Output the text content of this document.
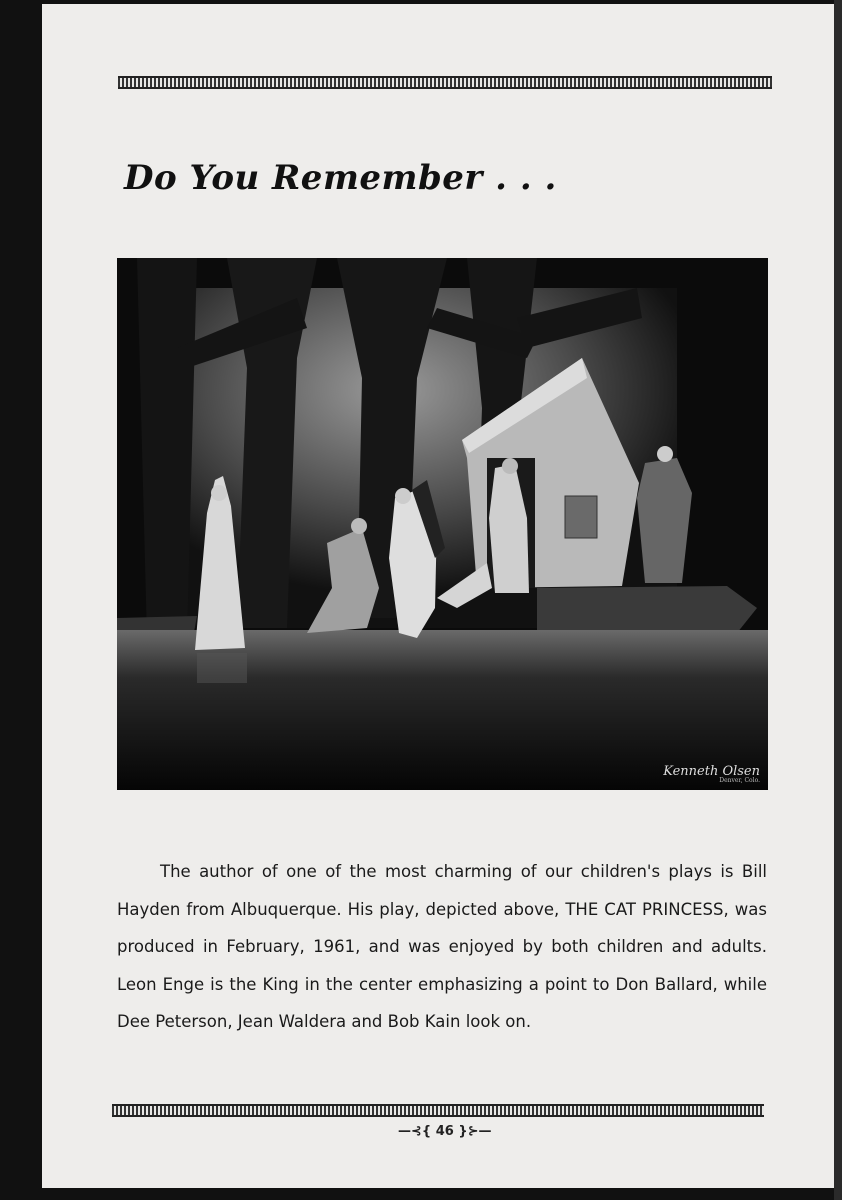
Do You Remember . . .
Kenneth Olsen
Denver, Colo.

The author of one of the most charming of our children's plays is Bill Hayden from Albuquerque. His play, depicted above, THE CAT PRINCESS, was produced in February, 1961, and was enjoyed by both children and adults. Leon Enge is the King in the center emphasizing a point to Don Ballard, while Dee Peterson, Jean Waldera and Bob Kain look on.

—⊰{ 46 }⊱—
